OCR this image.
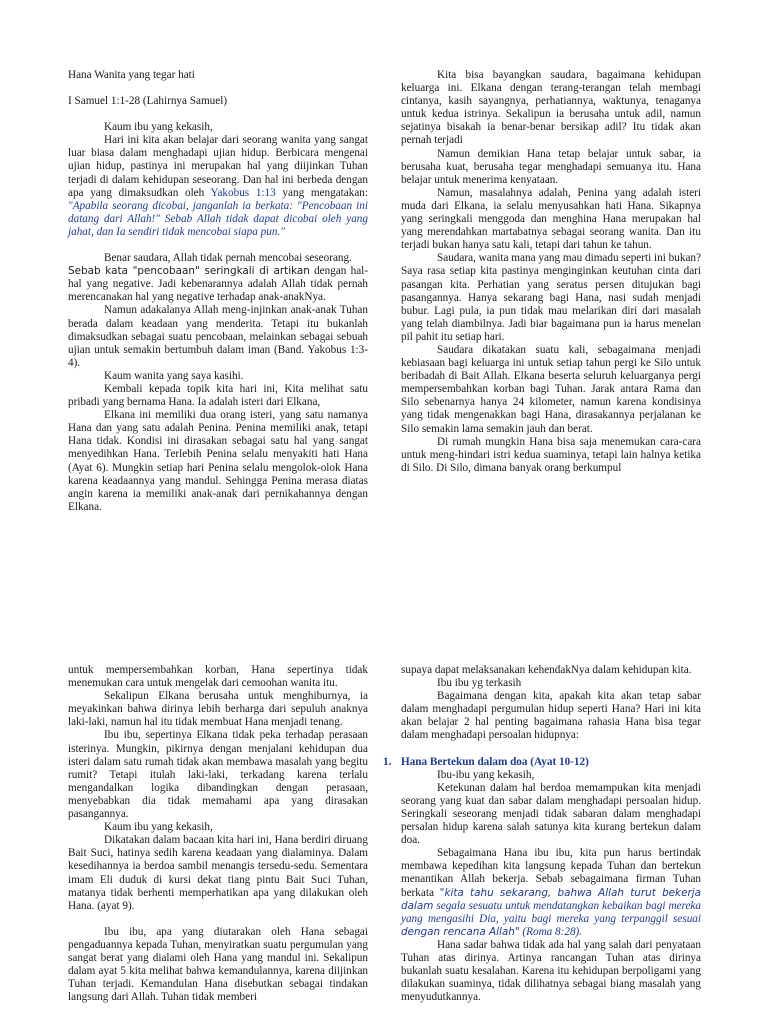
Hana Wanita yang tegar hati

I Samuel 1:1-28 (Lahirnya Samuel)

Kaum ibu yang kekasih,

Hari ini kita akan belajar dari seorang wanita yang sangat luar biasa dalam menghadapi ujian hidup. Berbicara mengenai ujian hidup, pastinya ini merupakan hal yang diijinkan Tuhan terjadi di dalam kehidupan seseorang. Dan hal ini berbeda dengan apa yang dimaksudkan oleh Yakobus 1:13 yang mengatakan: "Apabila seorang dicobai, janganlah ia berkata: "Pencobaan ini datang dari Allah!" Sebab Allah tidak dapat dicobai oleh yang jahat, dan Ia sendiri tidak mencobai siapa pun."

Benar saudara, Allah tidak pernah mencobai seseorang.

Sebab kata "pencobaan" seringkali di artikan dengan hal-hal yang negative. Jadi kebenarannya adalah Allah tidak pernah merencanakan hal yang negative terhadap anak-anakNya.

Namun adakalanya Allah meng-injinkan anak-anak Tuhan berada dalam keadaan yang menderita. Tetapi itu bukanlah dimaksudkan sebagai suatu pencobaan, melainkan sebagai sebuah ujian untuk semakin bertumbuh dalam iman (Band. Yakobus 1:3-4).

Kaum wanita yang saya kasihi.

Kembali kepada topik kita hari ini, Kita melihat satu pribadi yang bernama Hana. Ia adalah isteri dari Elkana,

Elkana ini memiliki dua orang isteri, yang satu namanya Hana dan yang satu adalah Penina. Penina memiliki anak, tetapi Hana tidak. Kondisi ini dirasakan sebagai satu hal yang sangat menyedihkan Hana. Terlebih Penina selalu menyakiti hati Hana (Ayat 6). Mungkin setiap hari Penina selalu mengolok-olok Hana karena keadaannya yang mandul. Sehingga Penina merasa diatas angin karena ia memiliki anak-anak dari pernikahannya dengan Elkana.

Kita bisa bayangkan saudara, bagaimana kehidupan keluarga ini. Elkana dengan terang-terangan telah membagi cintanya, kasih sayangnya, perhatiannya, waktunya, tenaganya untuk kedua istrinya. Sekalipun ia berusaha untuk adil, namun sejatinya bisakah ia benar-benar bersikap adil? Itu tidak akan pernah terjadi

Namun demikian Hana tetap belajar untuk sabar, ia berusaha kuat, berusaha tegar menghadapi semuanya itu. Hana belajar untuk menerima kenyataan.

Namun, masalahnya adalah, Penina yang adalah isteri muda dari Elkana, ia selalu menyusahkan hati Hana. Sikapnya yang seringkali menggoda dan menghina Hana merupakan hal yang merendahkan martabatnya sebagai seorang wanita. Dan itu terjadi bukan hanya satu kali, tetapi dari tahun ke tahun.

Saudara, wanita mana yang mau dimadu seperti ini bukan? Saya rasa setiap kita pastinya menginginkan keutuhan cinta dari pasangan kita. Perhatian yang seratus persen ditujukan bagi pasangannya. Hanya sekarang bagi Hana, nasi sudah menjadi bubur. Lagi pula, ia pun tidak mau melarikan diri dari masalah yang telah diambilnya. Jadi biar bagaimana pun ia harus menelan pil pahit itu setiap hari.

Saudara dikatakan suatu kali, sebagaimana menjadi kebiasaan bagi keluarga ini untuk setiap tahun pergi ke Silo untuk beribadah di Bait Allah. Elkana beserta seluruh keluarganya pergi mempersembahkan korban bagi Tuhan. Jarak antara Rama dan Silo sebenarnya hanya 24 kilometer, namun karena kondisinya yang tidak mengenakkan bagi Hana, dirasakannya perjalanan ke Silo semakin lama semakin jauh dan berat.

Di rumah mungkin Hana bisa saja menemukan cara-cara untuk meng-hindari istri kedua suaminya, tetapi lain halnya ketika di Silo. Di Silo, dimana banyak orang berkumpul

untuk mempersembahkan korban, Hana sepertinya tidak menemukan cara untuk mengelak dari cemoohan wanita itu.

Sekalipun Elkana berusaha untuk menghiburnya, ia meyakinkan bahwa dirinya lebih berharga dari sepuluh anaknya laki-laki, namun hal itu tidak membuat Hana menjadi tenang.

Ibu ibu, sepertinya Elkana tidak peka terhadap perasaan isterinya. Mungkin, pikirnya dengan menjalani kehidupan dua isteri dalam satu rumah tidak akan membawa masalah yang begitu rumit? Tetapi itulah laki-laki, terkadang karena terlalu mengandalkan logika dibandingkan dengan perasaan, menyebabkan dia tidak memahami apa yang dirasakan pasangannya.

Kaum ibu yang kekasih,

Dikatakan dalam bacaan kita hari ini, Hana berdiri diruang Bait Suci, hatinya sedih karena keadaan yang dialaminya. Dalam kesedihannya ia berdoa sambil menangis tersedu-sedu. Sementara imam Eli duduk di kursi dekat tiang pintu Bait Suci Tuhan, matanya tidak berhenti memperhatikan apa yang dilakukan oleh Hana. (ayat 9).

Ibu ibu, apa yang diutarakan oleh Hana sebagai pengaduannya kepada Tuhan, menyiratkan suatu pergumulan yang sangat berat yang dialami oleh Hana yang mandul ini. Sekalipun dalam ayat 5 kita melihat bahwa kemandulannya, karena diijinkan Tuhan terjadi. Kemandulan Hana disebutkan sebagai tindakan langsung dari Allah. Tuhan tidak memberi

supaya dapat melaksanakan kehendakNya dalam kehidupan kita.

Ibu ibu yg terkasih

Bagaimana dengan kita, apakah kita akan tetap sabar dalam menghadapi pergumulan hidup seperti Hana? Hari ini kita akan belajar 2 hal penting bagaimana rahasia Hana bisa tegar dalam menghadapi persoalan hidupnya:

1. Hana Bertekun dalam doa (Ayat 10-12)

Ibu-ibu yang kekasih,

Ketekunan dalam hal berdoa memampukan kita menjadi seorang yang kuat dan sabar dalam menghadapi persoalan hidup. Seringkali seseorang menjadi tidak sabaran dalam menghadapi persalan hidup karena salah satunya kita kurang bertekun dalam doa.

Sebagaimana Hana ibu ibu, kita pun harus bertindak membawa kepedihan kita langsung kepada Tuhan dan bertekun menantikan Allah bekerja. Sebab sebagaimana firman Tuhan berkata "kita tahu sekarang, bahwa Allah turut bekerja dalam segala sesuatu untuk mendatangkan kebaikan bagi mereka yang mengasihi Dia, yaitu bagi mereka yang terpanggil sesuai dengan rencana Allah" (Roma 8:28).

Hana sadar bahwa tidak ada hal yang salah dari penyataan Tuhan atas dirinya. Artinya rancangan Tuhan atas dirinya bukanlah suatu kesalahan. Karena itu kehidupan berpoligami yang dilakukan suaminya, tidak dilihatnya sebagai biang masalah yang menyudutkannya.
